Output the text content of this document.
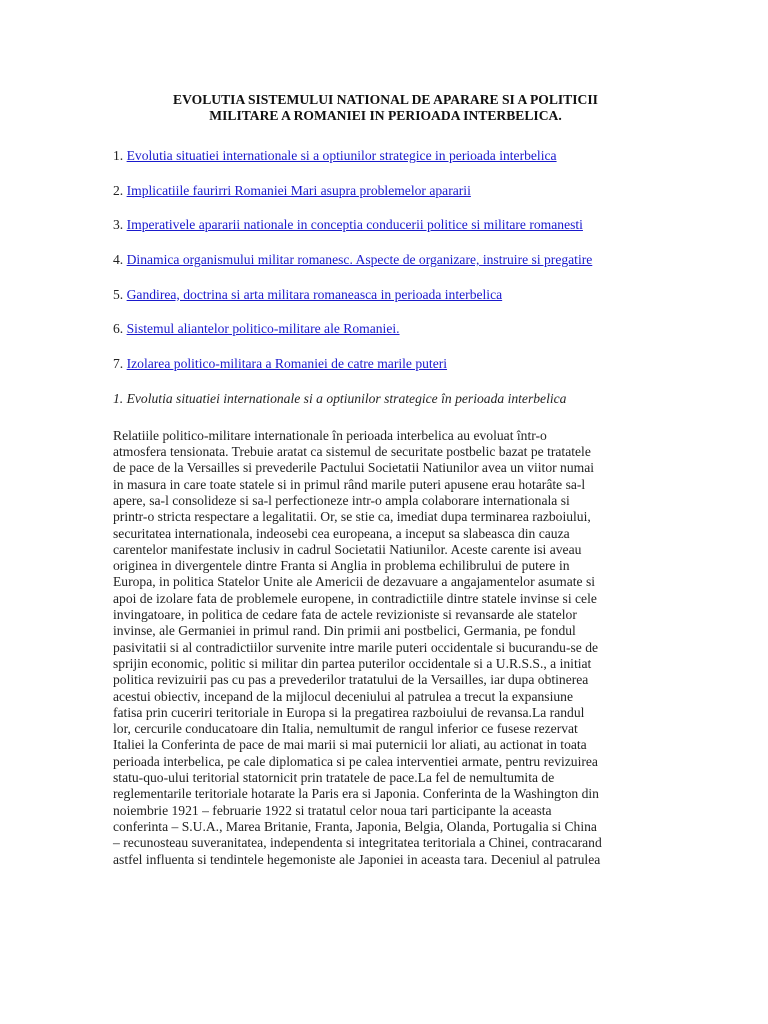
EVOLUTIA SISTEMULUI NATIONAL DE APARARE SI A POLITICII
MILITARE A ROMANIEI IN PERIOADA INTERBELICA.
1. Evolutia situatiei internationale si a optiunilor strategice in perioada interbelica
2. Implicatiile faurirri Romaniei Mari asupra problemelor apararii
3. Imperativele apararii nationale in conceptia conducerii politice si militare romanesti
4. Dinamica organismului militar romanesc. Aspecte de organizare, instruire si pregatire
5. Gandirea, doctrina si arta militara romaneasca in perioada interbelica
6. Sistemul aliantelor politico-militare ale Romaniei.
7. Izolarea politico-militara a Romaniei de catre marile puteri

1. Evolutia situatiei internationale si a optiunilor strategice în perioada interbelica

Relatiile politico-militare internationale în perioada interbelica au evoluat într-o
atmosfera tensionata. Trebuie aratat ca sistemul de securitate postbelic bazat pe tratatele
de pace de la Versailles si prevederile Pactului Societatii Natiunilor avea un viitor numai
in masura in care toate statele si in primul rând marile puteri apusene erau hotarâte sa-l
apere, sa-l consolideze si sa-l perfectioneze intr-o ampla colaborare internationala si
printr-o stricta respectare a legalitatii. Or, se stie ca, imediat dupa terminarea razboiului,
securitatea internationala, indeosebi cea europeana, a inceput sa slabeasca din cauza
carentelor manifestate inclusiv in cadrul Societatii Natiunilor. Aceste carente isi aveau
originea in divergentele dintre Franta si Anglia in problema echilibrului de putere in
Europa, in politica Statelor Unite ale Americii de dezavuare a angajamentelor asumate si
apoi de izolare fata de problemele europene, in contradictiile dintre statele invinse si cele
invingatoare, in politica de cedare fata de actele revizioniste si revansarde ale statelor
invinse, ale Germaniei in primul rand. Din primii ani postbelici, Germania, pe fondul
pasivitatii si al contradictiilor survenite intre marile puteri occidentale si bucurandu-se de
sprijin economic, politic si militar din partea puterilor occidentale si a U.R.S.S., a initiat
politica revizuirii pas cu pas a prevederilor tratatului de la Versailles, iar dupa obtinerea
acestui obiectiv, incepand de la mijlocul deceniului al patrulea a trecut la expansiune
fatisa prin cuceriri teritoriale in Europa si la pregatirea razboiului de revansa.La randul
lor, cercurile conducatoare din Italia, nemultumit de rangul inferior ce fusese rezervat
Italiei la Conferinta de pace de mai marii si mai puternicii lor aliati, au actionat in toata
perioada interbelica, pe cale diplomatica si pe calea interventiei armate, pentru revizuirea
statu-quo-ului teritorial statornicit prin tratatele de pace.La fel de nemultumita de
reglementarile teritoriale hotarate la Paris era si Japonia. Conferinta de la Washington din
noiembrie 1921 – februarie 1922 si tratatul celor noua tari participante la aceasta
conferinta – S.U.A., Marea Britanie, Franta, Japonia, Belgia, Olanda, Portugalia si China
– recunosteau suveranitatea, independenta si integritatea teritoriala a Chinei, contracarand
astfel influenta si tendintele hegemoniste ale Japoniei in aceasta tara. Deceniul al patrulea
